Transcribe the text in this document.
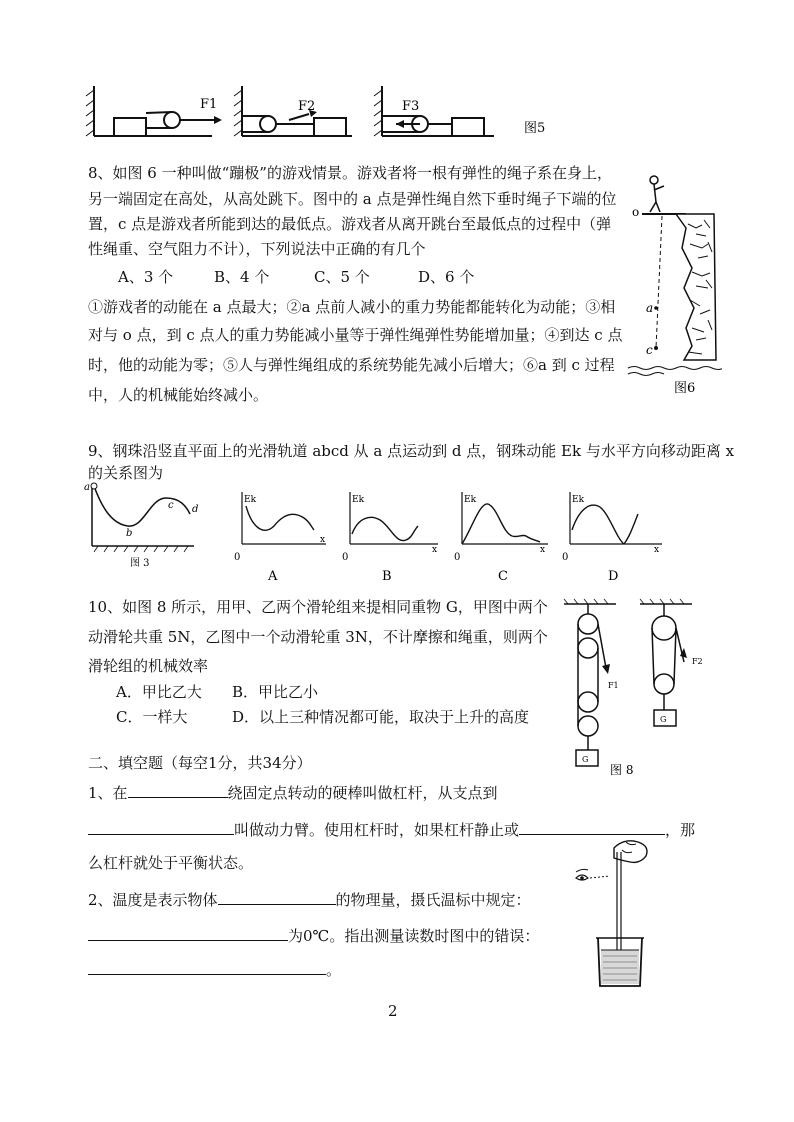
F1	F2	F3
图5
8、如图 6 一种叫做“蹦极”的游戏情景。游戏者将一根有弹性的绳子系在身上，
另一端固定在高处，从高处跳下。图中的 a 点是弹性绳自然下垂时绳子下端的位
置，c 点是游戏者所能到达的最低点。游戏者从离开跳台至最低点的过程中（弹
性绳重、空气阻力不计），下列说法中正确的有几个
A、3 个	B、4 个	C、5 个	D、6 个
①游戏者的动能在 a 点最大；②a 点前人减小的重力势能都能转化为动能；③相
对与 o 点，到 c 点人的重力势能减小量等于弹性绳弹性势能增加量；④到达 c 点
时，他的动能为零；⑤人与弹性绳组成的系统势能先减小后增大；⑥a 到 c 过程
中，人的机械能始终减小。
o
a
c
图6
9、钢珠沿竖直平面上的光滑轨道 abcd 从 a 点运动到 d 点，钢珠动能 Ek 与水平方向移动距离 x
的关系图为
a
b
c d
图 3
Ek
0
x
A
Ek
0
x
B
Ek
0
x
C
Ek
0
x
D
10、如图 8 所示，用甲、乙两个滑轮组来提相同重物 G，甲图中两个
动滑轮共重 5N，乙图中一个动滑轮重 3N，不计摩擦和绳重，则两个
滑轮组的机械效率
A．甲比乙大 B．甲比乙小
C．一样大	D．以上三种情况都可能，取决于上升的高度
F1
F2
G
G
图 8
二、填空题（每空1分，共34分）
1、在	绕固定点转动的硬棒叫做杠杆，从支点到
叫做动力臂。使用杠杆时，如果杠杆静止或	，那
么杠杆就处于平衡状态。
2、温度是表示物体	的物理量，摄氏温标中规定：
为0℃。指出测量读数时图中的错误：
。
2
